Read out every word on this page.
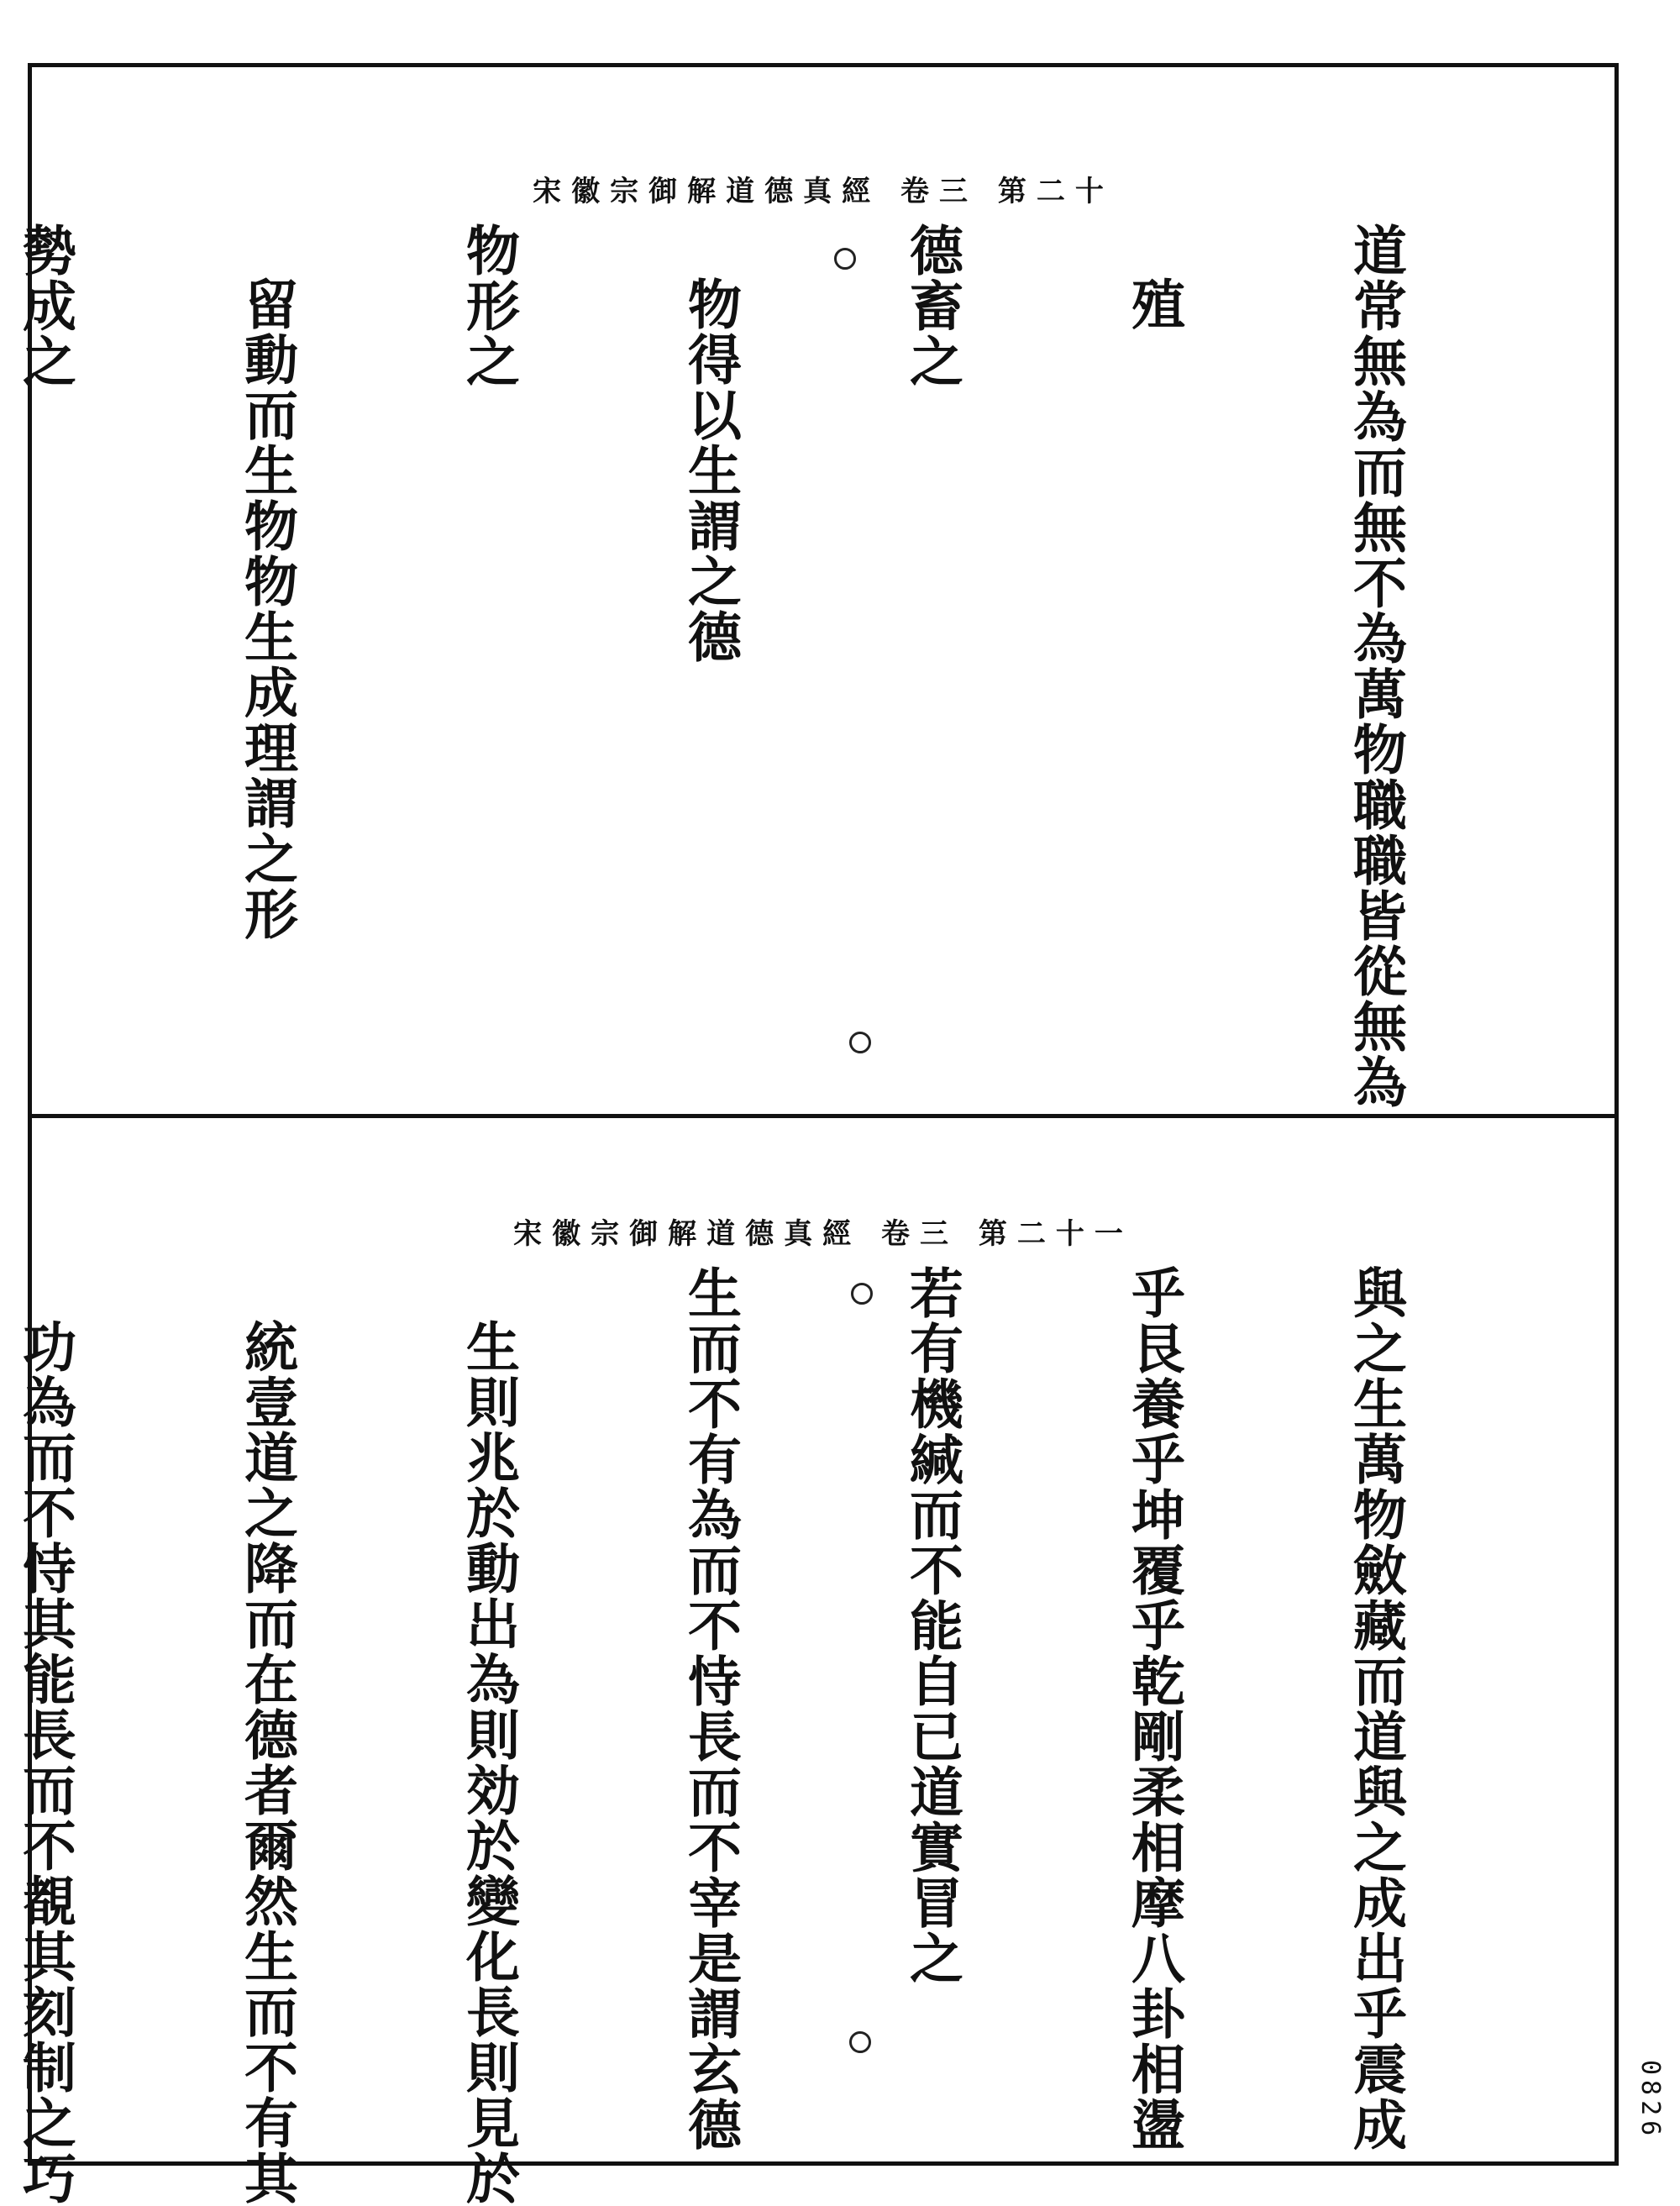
宋徽宗御解道德真經 卷三 第二十

道常無為而無不為萬物職職皆從無為

殖

德畜之

物得以生謂之德

物形之

留動而生物物生成理謂之形

勢成之

宋徽宗御解道德真經 卷三 第二十一

與之生萬物斂藏而道與之成出乎震成

乎艮養乎坤覆乎乾剛柔相摩八卦相盪

若有機緘而不能自已道實冒之

生而不有為而不恃長而不宰是謂玄德

生則兆於動出為則効於變化長則見於

統壹道之降而在德者爾然生而不有其

功為而不恃其能長而不覩其刻制之巧

	0826
